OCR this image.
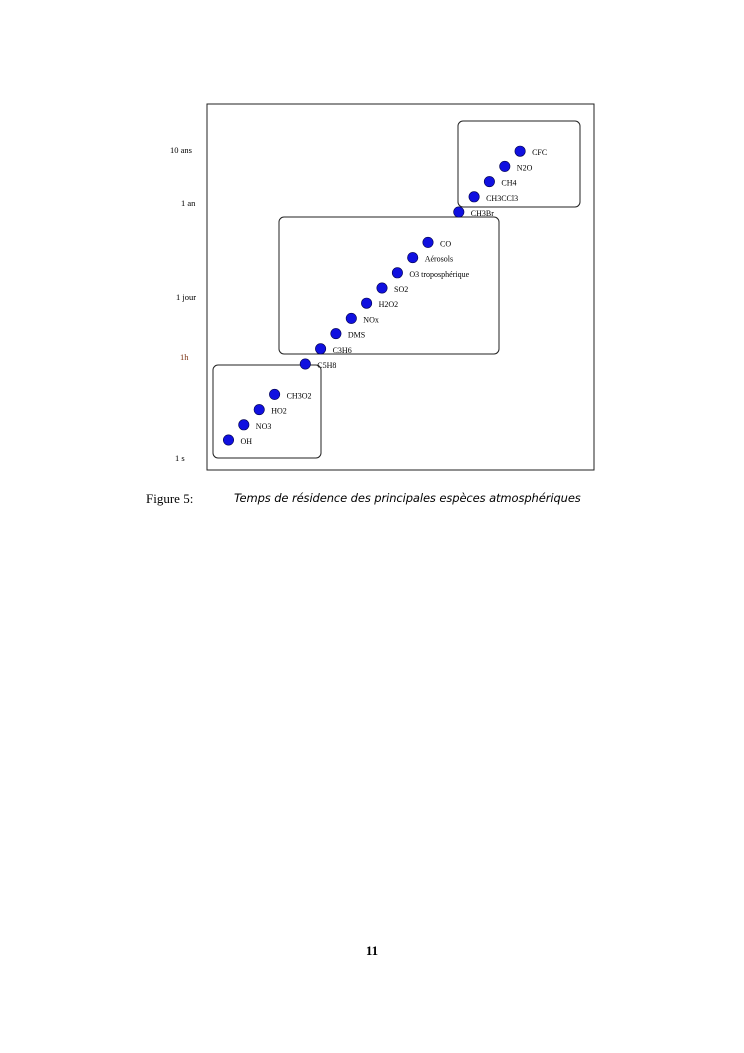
1 s
1h
1 jour
1 an
10 ans
OH
NO3
HO2
CH3O2
C5H8
C3H6
DMS
NOx
H2O2
SO2
O3 troposphérique
Aérosols
CO
CH3Br
CH3CCl3
CH4
N2O
CFC
Figure 5:	Temps de résidence des principales espèces atmosphériques
11
